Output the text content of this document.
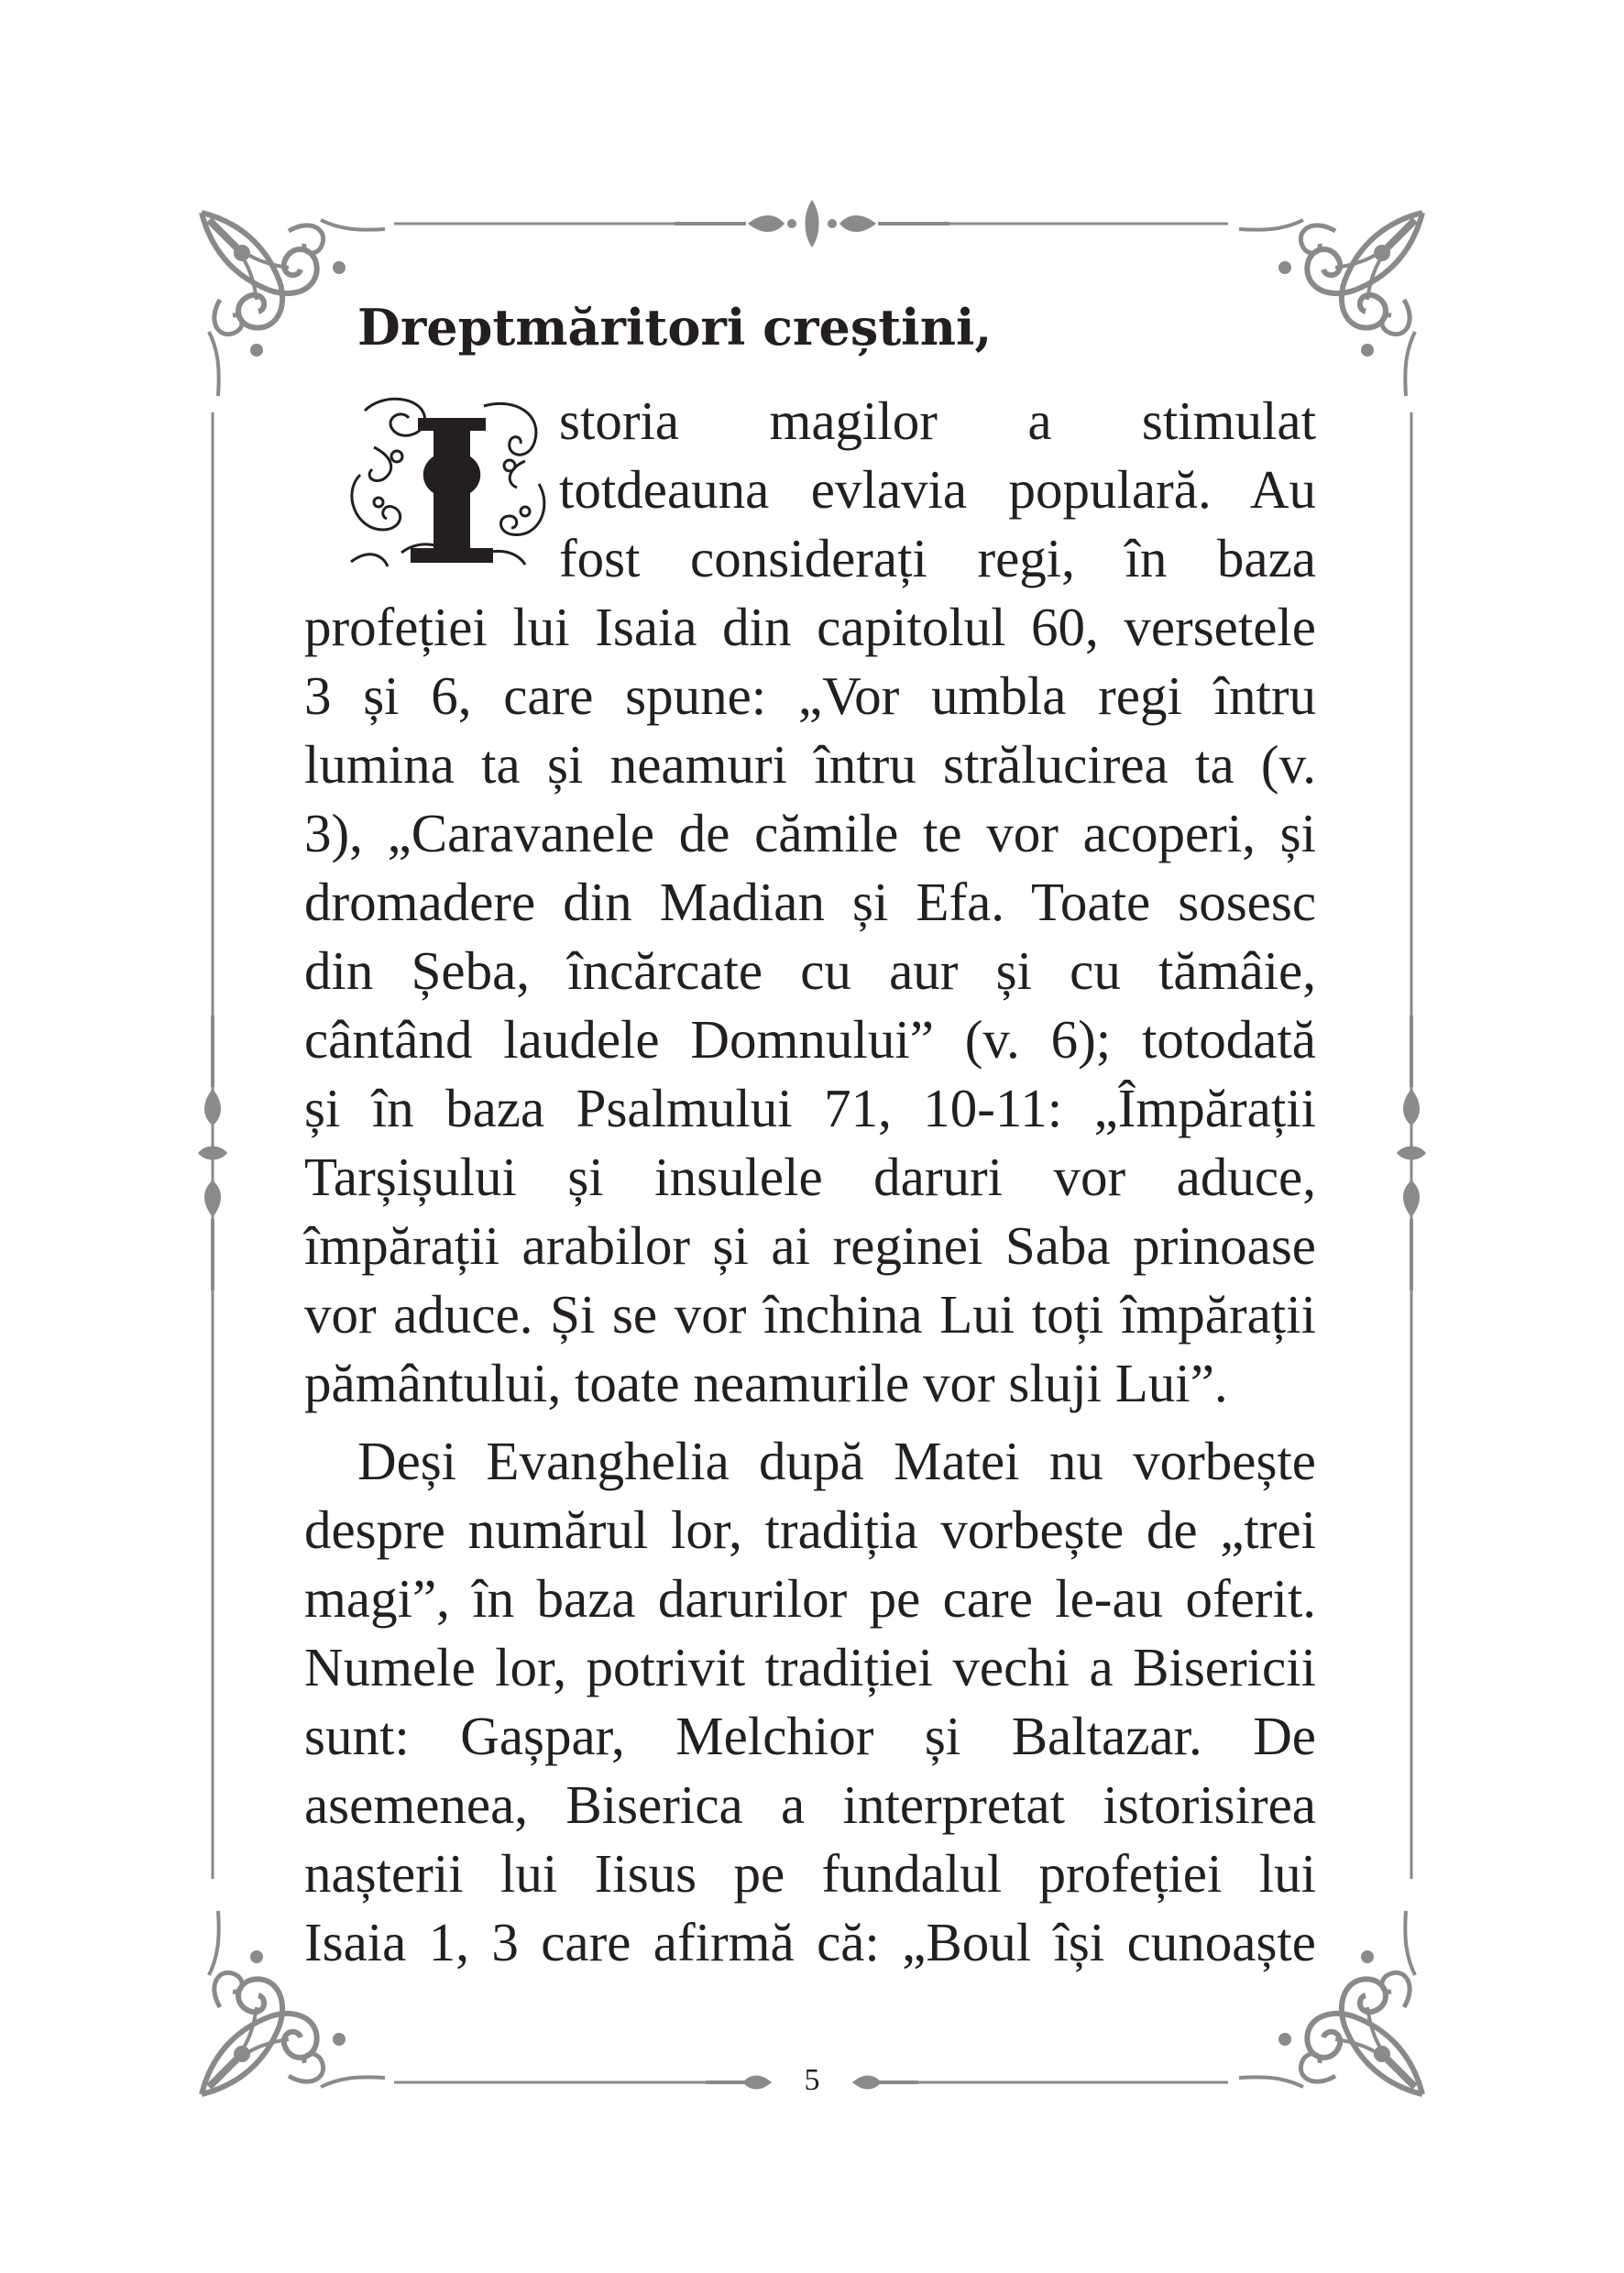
Dreptmăritori creștini,

storia magilor a stimulat

totdeauna evlavia populară. Au

fost considerați regi, în baza

profeției lui Isaia din capitolul 60, versetele

3 și 6, care spune: „Vor umbla regi întru

lumina ta și neamuri întru strălucirea ta (v.

3), „Caravanele de cămile te vor acoperi, și

dromadere din Madian și Efa. Toate sosesc

din Șeba, încărcate cu aur și cu tămâie,

cântând laudele Domnului” (v. 6); totodată

și în baza Psalmului 71, 10-11: „Împărații

Tarșișului și insulele daruri vor aduce,

împărații arabilor și ai reginei Saba prinoase

vor aduce. Și se vor închina Lui toți împărații

pământului, toate neamurile vor sluji Lui”.

Deși Evanghelia după Matei nu vorbește

despre numărul lor, tradiția vorbește de „trei

magi”, în baza darurilor pe care le-au oferit.

Numele lor, potrivit tradiției vechi a Bisericii

sunt: Gașpar, Melchior și Baltazar. De

asemenea, Biserica a interpretat istorisirea

nașterii lui Iisus pe fundalul profeției lui

Isaia 1, 3 care afirmă că: „Boul își cunoaște

5
